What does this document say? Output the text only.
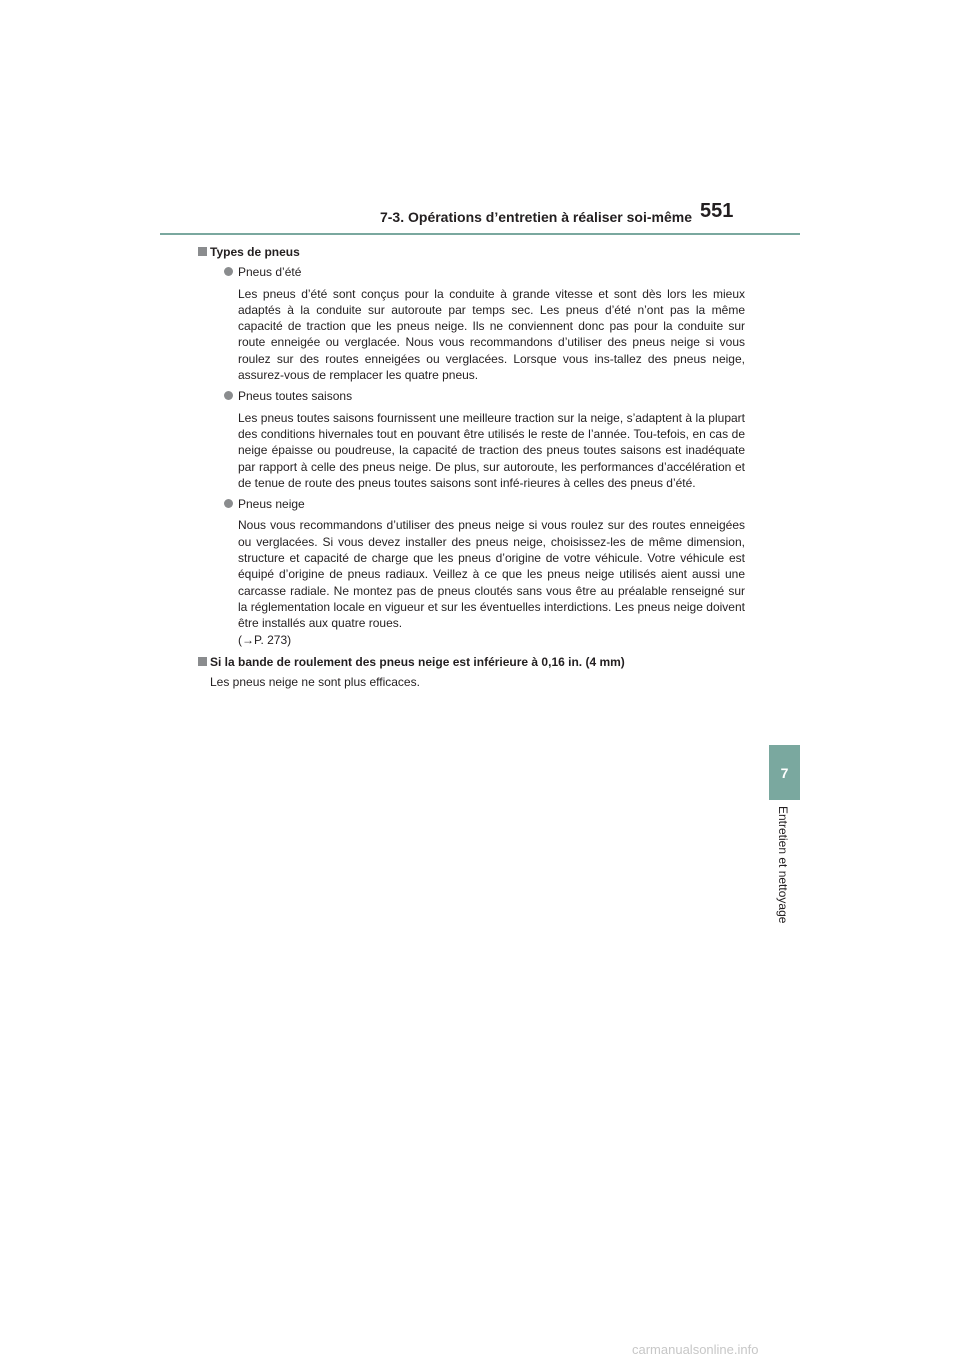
7-3. Opérations d’entretien à réaliser soi-même 551
7
Entretien et nettoyage

Types de pneus

Pneus d’été

Les pneus d’été sont conçus pour la conduite à grande vitesse et sont dès lors les mieux adaptés à la conduite sur autoroute par temps sec. Les pneus d’été n’ont pas la même capacité de traction que les pneus neige. Ils ne conviennent donc pas pour la conduite sur route enneigée ou verglacée. Nous vous recommandons d’utiliser des pneus neige si vous roulez sur des routes enneigées ou verglacées. Lorsque vous ins-tallez des pneus neige, assurez-vous de remplacer les quatre pneus.

Pneus toutes saisons

Les pneus toutes saisons fournissent une meilleure traction sur la neige, s’adaptent à la plupart des conditions hivernales tout en pouvant être utilisés le reste de l’année. Tou-tefois, en cas de neige épaisse ou poudreuse, la capacité de traction des pneus toutes saisons est inadéquate par rapport à celle des pneus neige. De plus, sur autoroute, les performances d’accélération et de tenue de route des pneus toutes saisons sont infé-rieures à celles des pneus d’été.

Pneus neige

Nous vous recommandons d’utiliser des pneus neige si vous roulez sur des routes enneigées ou verglacées. Si vous devez installer des pneus neige, choisissez-les de même dimension, structure et capacité de charge que les pneus d’origine de votre véhicule. Votre véhicule est équipé d’origine de pneus radiaux. Veillez à ce que les pneus neige utilisés aient aussi une carcasse radiale. Ne montez pas de pneus cloutés sans vous être au préalable renseigné sur la réglementation locale en vigueur et sur les éventuelles interdictions. Les pneus neige doivent être installés aux quatre roues.

(→P. 273)

Si la bande de roulement des pneus neige est inférieure à 0,16 in. (4 mm)

Les pneus neige ne sont plus efficaces.

carmanualsonline.info
